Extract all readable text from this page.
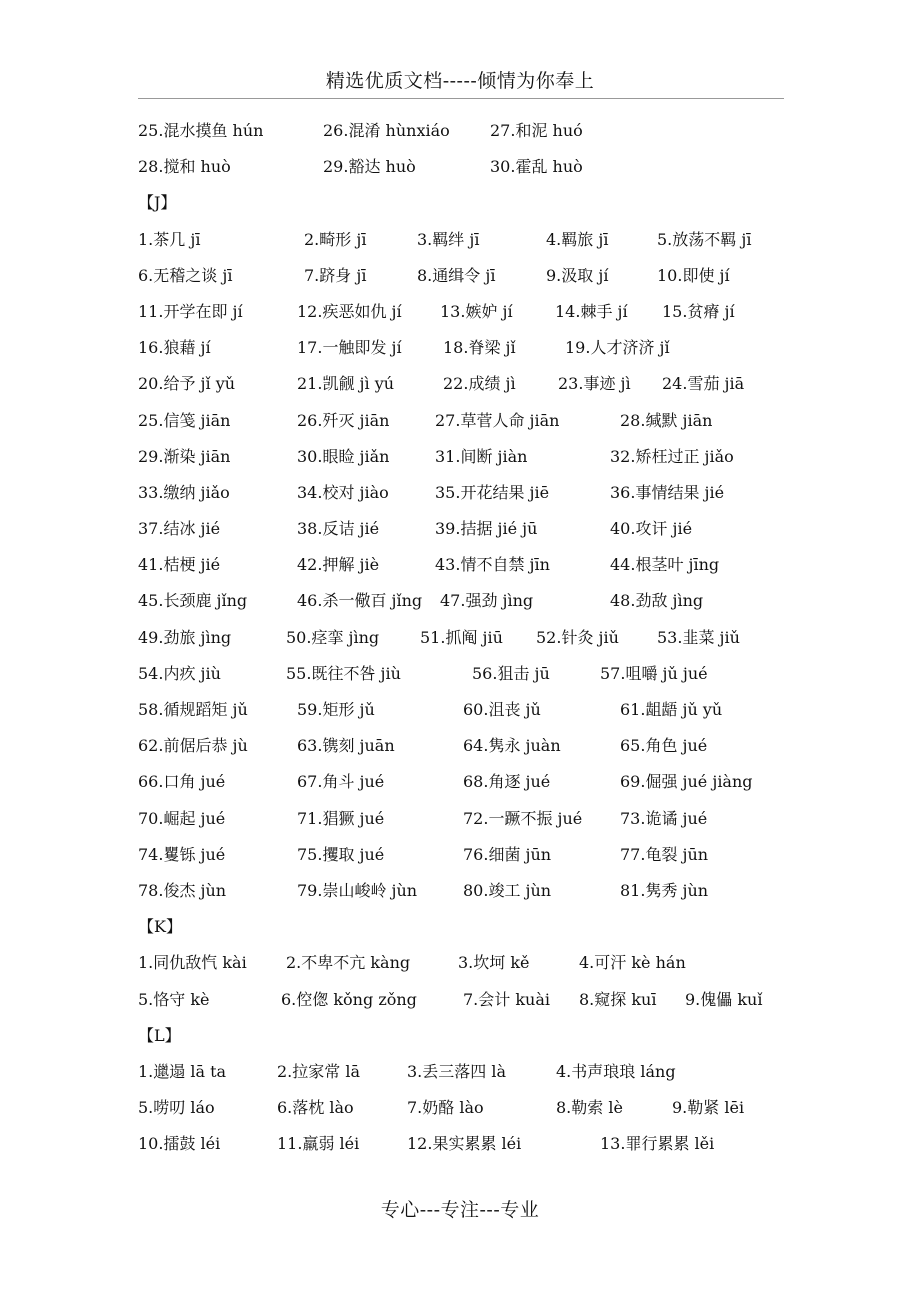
精选优质文档-----倾情为你奉上
25.混水摸鱼 hún	26.混淆 hùnxiáo	27.和泥 huó
28.搅和 huò	29.豁达 huò	30.霍乱 huò
【J】
1.茶几 jī	2.畸形 jī	3.羁绊 jī	4.羁旅 jī	5.放荡不羁 jī
6.无稽之谈 jī	7.跻身 jī	8.通缉令 jī	9.汲取 jí	10.即使 jí
11.开学在即 jí	12.疾恶如仇 jí 13.嫉妒 jí	14.棘手 jí 15.贫瘠 jí
16.狼藉 jí	17.一触即发 jí	18.脊梁 jǐ	19.人才济济 jǐ
20.给予 jǐ yǔ	21.凯觎 jì yú	22.成绩 jì	23.事迹 jì 24.雪茄 jiā
25.信笺 jiān	26.歼灭 jiān	27.草菅人命 jiān	28.缄默 jiān
29.渐染 jiān	30.眼睑 jiǎn	31.间断 jiàn	32.矫枉过正 jiǎo
33.缴纳 jiǎo	34.校对 jiào	35.开花结果 jiē	36.事情结果 jié
37.结冰 jié	38.反诘 jié	39.拮据 jié jū	40.攻讦 jié
41.桔梗 jié	42.押解 jiè	43.情不自禁 jīn	44.根茎叶 jīng
45.长颈鹿 jǐng	46.杀一儆百 jǐng 47.强劲 jìng	48.劲敌 jìng
49.劲旅 jìng	50.痉挛 jìng	51.抓阄 jiū 52.针灸 jiǔ 53.韭菜 jiǔ
54.内疚 jiù	55.既往不咎 jiù	56.狙击 jū	57.咀嚼 jǔ jué
58.循规蹈矩 jǔ	59.矩形 jǔ	60.沮丧 jǔ	61.龃龉 jǔ yǔ
62.前倨后恭 jù	63.镌刻 juān	64.隽永 juàn	65.角色 jué
66.口角 jué	67.角斗 jué	68.角逐 jué	69.倔强 jué jiàng
70.崛起 jué	71.猖獗 jué	72.一蹶不振 jué 73.诡谲 jué
74.矍铄 jué	75.攫取 jué	76.细菌 jūn	77.龟裂 jūn
78.俊杰 jùn	79.崇山峻岭 jùn	80.竣工 jùn	81.隽秀 jùn
【K】
1.同仇敌忾 kài 2.不卑不亢 kàng	3.坎坷 kě	4.可汗 kè hán
5.恪守 kè	6.倥偬 kǒng zǒng	7.会计 kuài 8.窥探 kuī 9.傀儡 kuǐ
【L】
1.邋遢 lā ta	2.拉家常 lā	3.丢三落四 là	4.书声琅琅 láng
5.唠叨 láo	6.落枕 lào	7.奶酪 lào	8.勒索 lè	9.勒紧 lēi
10.擂鼓 léi	11.羸弱 léi	12.果实累累 léi	13.罪行累累 lěi
专心---专注---专业
